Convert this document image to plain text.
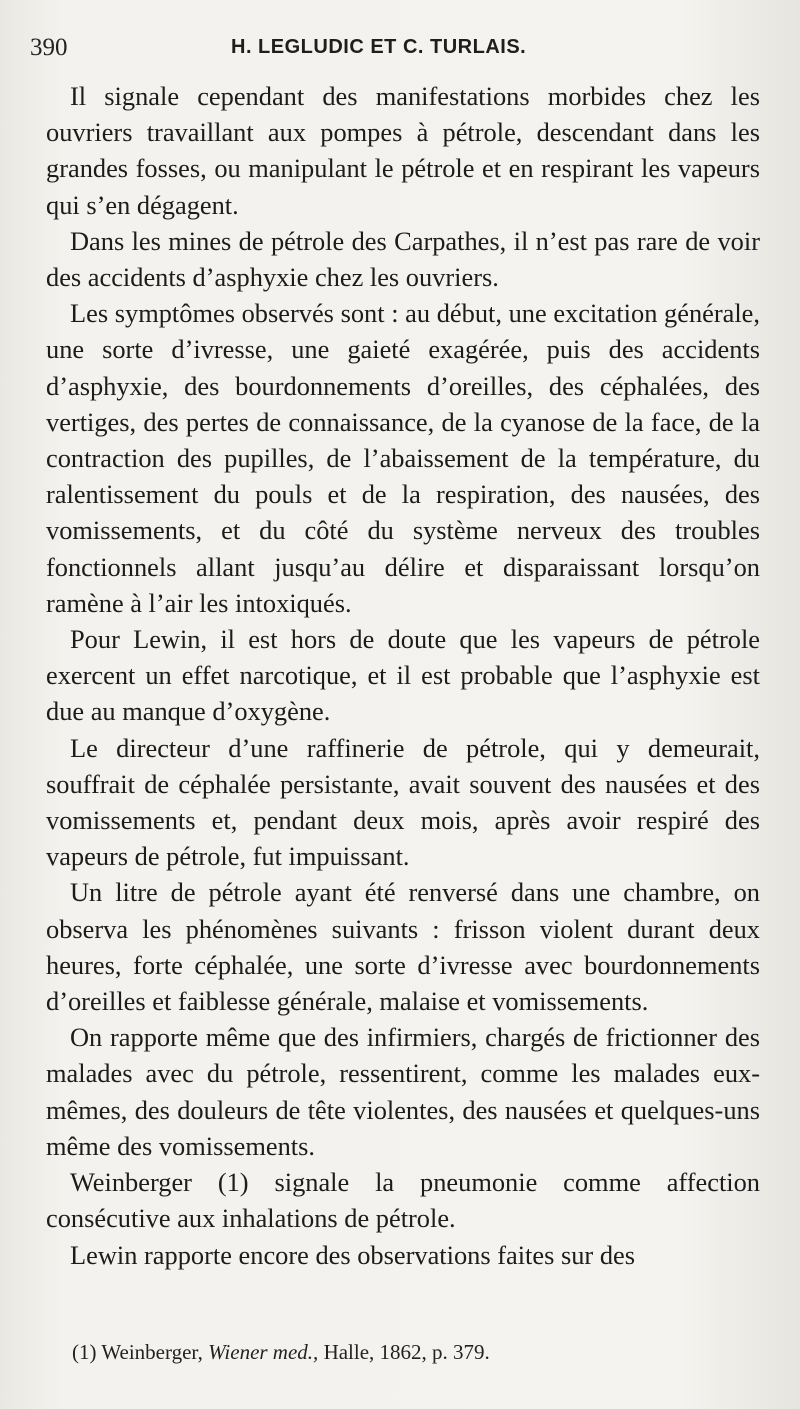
390	H. LEGLUDIC ET C. TURLAIS.

Il signale cependant des manifestations morbides chez les ouvriers travaillant aux pompes à pétrole, descendant dans les grandes fosses, ou manipulant le pétrole et en respirant les vapeurs qui s’en dégagent.

Dans les mines de pétrole des Carpathes, il n’est pas rare de voir des accidents d’asphyxie chez les ouvriers.

Les symptômes observés sont : au début, une excitation générale, une sorte d’ivresse, une gaieté exagérée, puis des accidents d’asphyxie, des bourdonnements d’oreilles, des céphalées, des vertiges, des pertes de connaissance, de la cyanose de la face, de la contraction des pupilles, de l’abaissement de la température, du ralentissement du pouls et de la respiration, des nausées, des vomissements, et du côté du système nerveux des troubles fonctionnels allant jusqu’au délire et disparaissant lorsqu’on ramène à l’air les intoxiqués.

Pour Lewin, il est hors de doute que les vapeurs de pétrole exercent un effet narcotique, et il est probable que l’asphyxie est due au manque d’oxygène.

Le directeur d’une raffinerie de pétrole, qui y demeurait, souffrait de céphalée persistante, avait souvent des nausées et des vomissements et, pendant deux mois, après avoir respiré des vapeurs de pétrole, fut impuissant.

Un litre de pétrole ayant été renversé dans une chambre, on observa les phénomènes suivants : frisson violent durant deux heures, forte céphalée, une sorte d’ivresse avec bourdonnements d’oreilles et faiblesse générale, malaise et vomissements.

On rapporte même que des infirmiers, chargés de frictionner des malades avec du pétrole, ressentirent, comme les malades eux-mêmes, des douleurs de tête violentes, des nausées et quelques-uns même des vomissements.

Weinberger (1) signale la pneumonie comme affection consécutive aux inhalations de pétrole.

Lewin rapporte encore des observations faites sur des

(1) Weinberger, Wiener med., Halle, 1862, p. 379.
